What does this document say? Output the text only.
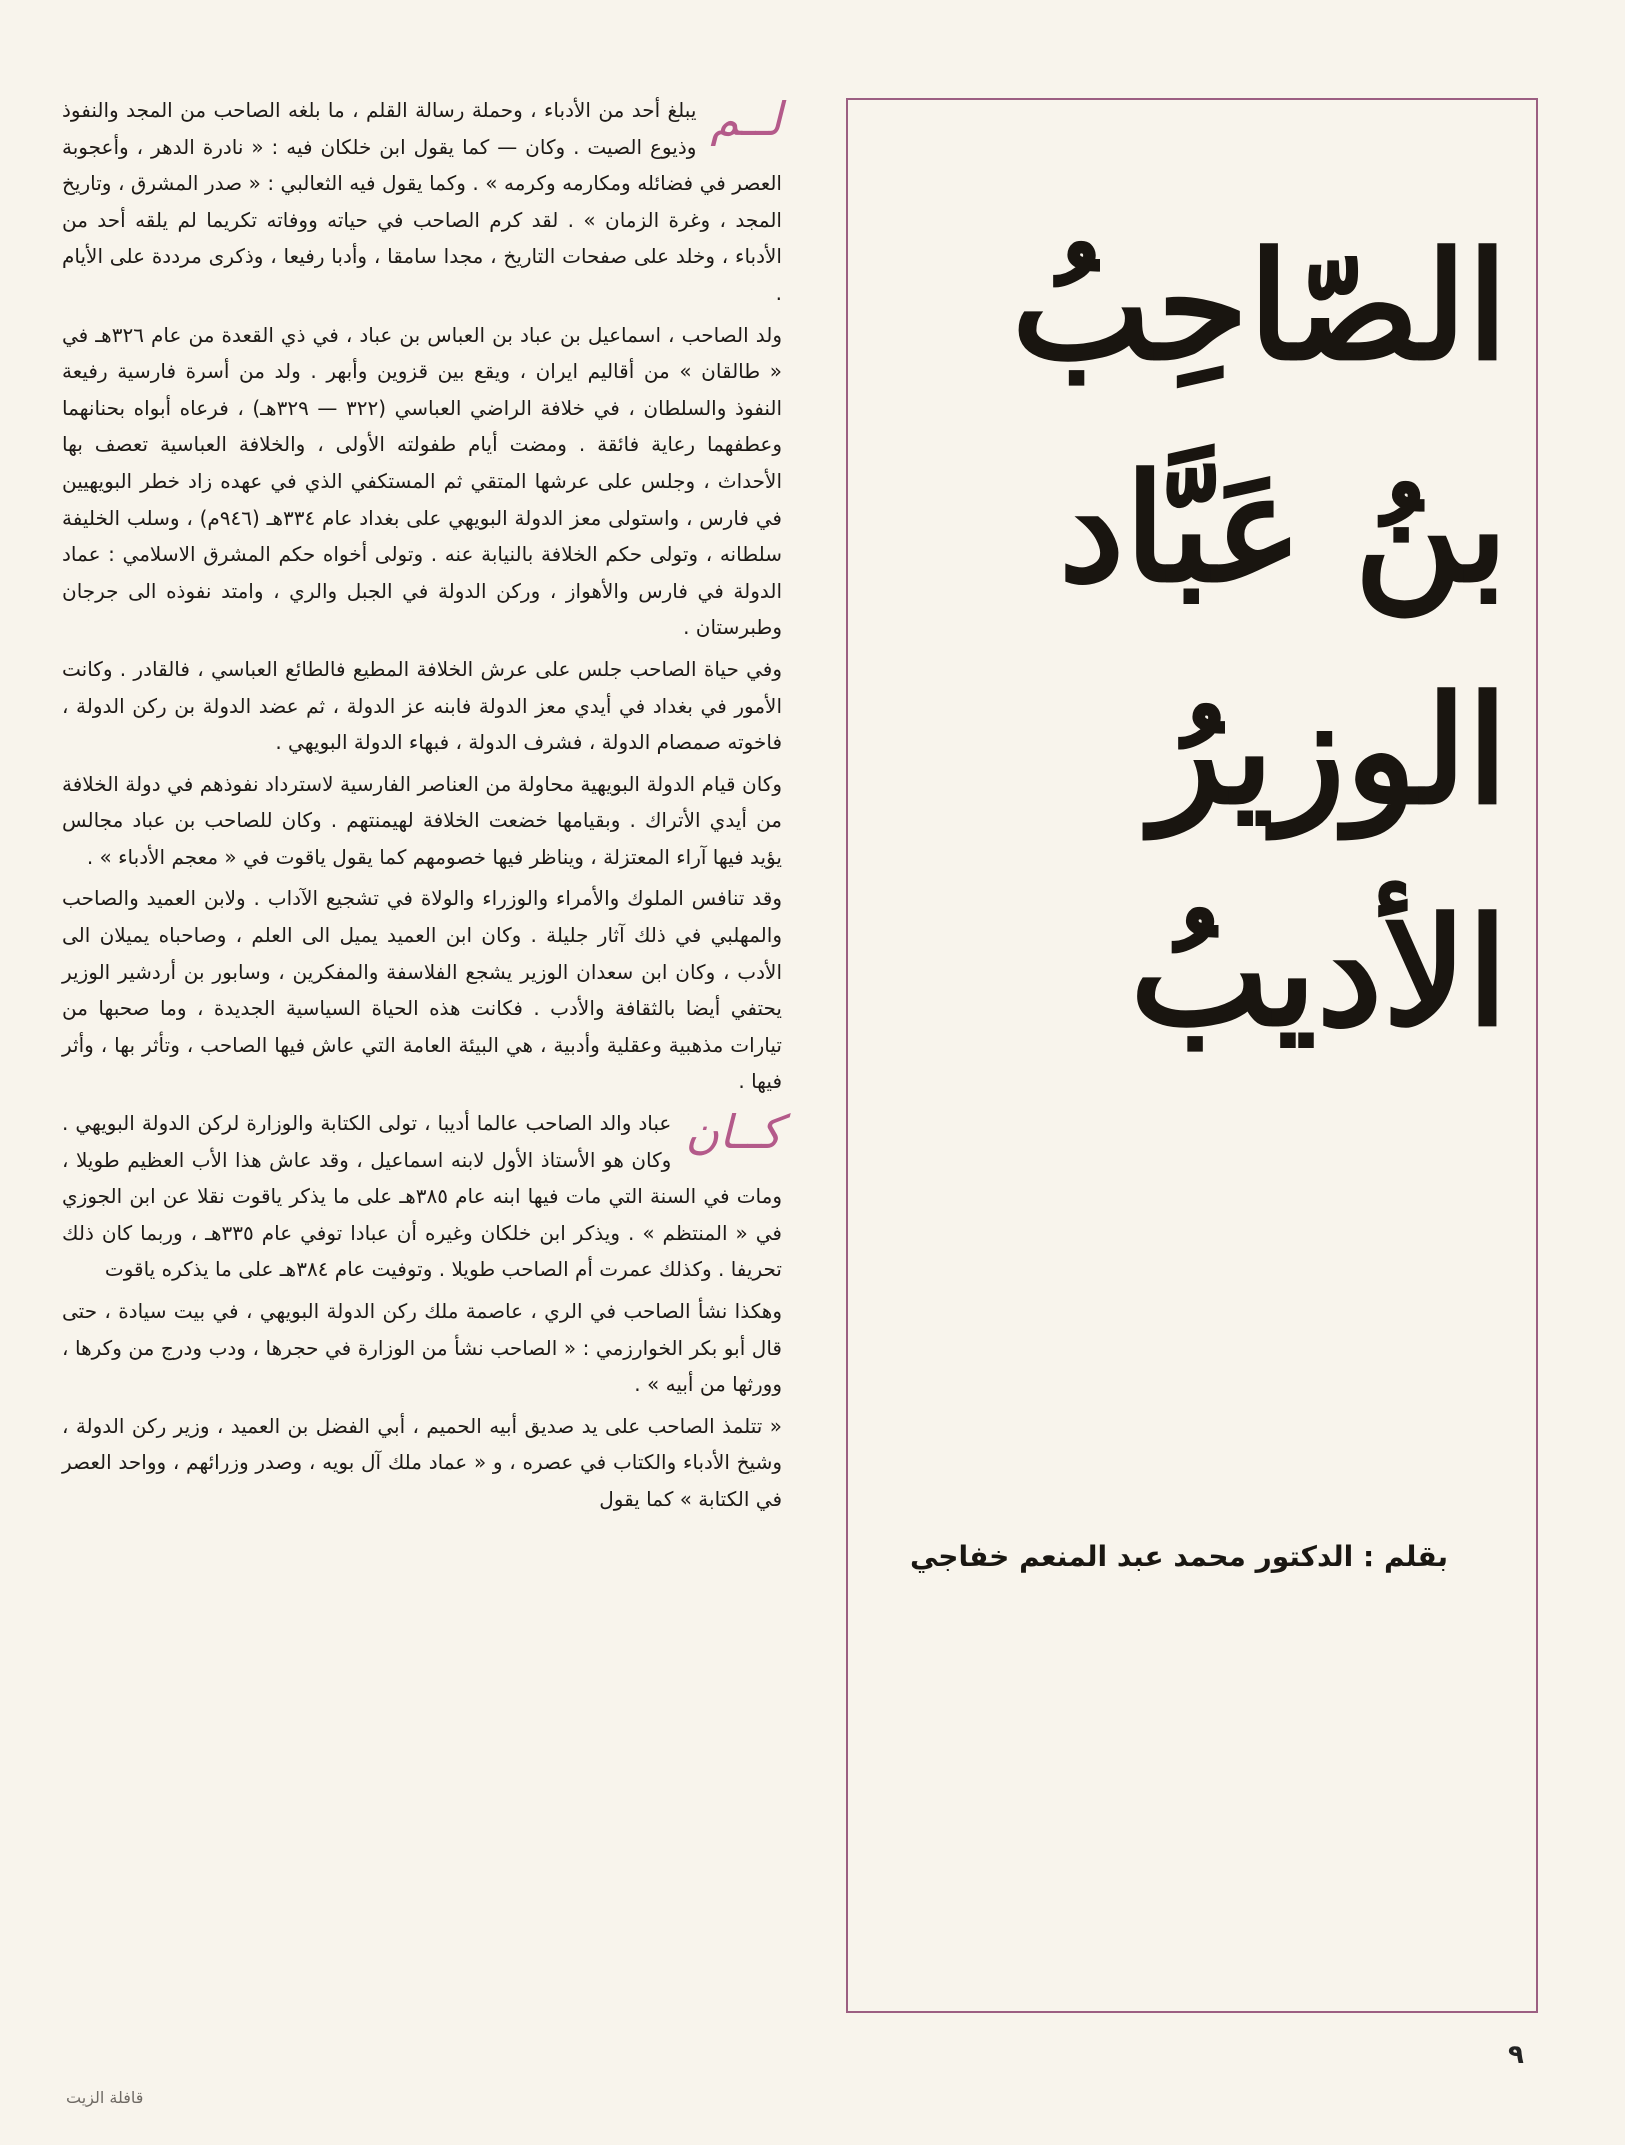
الصّاحِبُ
بنُ عَبَّاد
الوزيرُ
الأديبُ
بقلم : الدكتور محمد عبد المنعم خفاجي

لــم
يبلغ أحد من الأدباء ، وحملة رسالة القلم ، ما بلغه الصاحب من المجد والنفوذ وذيوع الصيت . وكان — كما يقول ابن خلكان فيه : « نادرة الدهر ، وأعجوبة العصر في فضائله ومكارمه وكرمه » . وكما يقول فيه الثعالبي : « صدر المشرق ، وتاريخ المجد ، وغرة الزمان » . لقد كرم الصاحب في حياته ووفاته تكريما لم يلقه أحد من الأدباء ، وخلد على صفحات التاريخ ، مجدا سامقا ، وأدبا رفيعا ، وذكرى مرددة على الأيام .

ولد الصاحب ، اسماعيل بن عباد بن العباس بن عباد ، في ذي القعدة من عام ٣٢٦هـ في « طالقان » من أقاليم ايران ، ويقع بين قزوين وأبهر . ولد من أسرة فارسية رفيعة النفوذ والسلطان ، في خلافة الراضي العباسي (٣٢٢ — ٣٢٩هـ) ، فرعاه أبواه بحنانهما وعطفهما رعاية فائقة . ومضت أيام طفولته الأولى ، والخلافة العباسية تعصف بها الأحداث ، وجلس على عرشها المتقي ثم المستكفي الذي في عهده زاد خطر البويهيين في فارس ، واستولى معز الدولة البويهي على بغداد عام ٣٣٤هـ (٩٤٦م) ، وسلب الخليفة سلطانه ، وتولى حكم الخلافة بالنيابة عنه . وتولى أخواه حكم المشرق الاسلامي : عماد الدولة في فارس والأهواز ، وركن الدولة في الجبل والري ، وامتد نفوذه الى جرجان وطبرستان .

وفي حياة الصاحب جلس على عرش الخلافة المطيع فالطائع العباسي ، فالقادر . وكانت الأمور في بغداد في أيدي معز الدولة فابنه عز الدولة ، ثم عضد الدولة بن ركن الدولة ، فاخوته صمصام الدولة ، فشرف الدولة ، فبهاء الدولة البويهي .

وكان قيام الدولة البويهية محاولة من العناصر الفارسية لاسترداد نفوذهم في دولة الخلافة من أيدي الأتراك . وبقيامها خضعت الخلافة لهيمنتهم . وكان للصاحب بن عباد مجالس يؤيد فيها آراء المعتزلة ، ويناظر فيها خصومهم كما يقول ياقوت في « معجم الأدباء » .

وقد تنافس الملوك والأمراء والوزراء والولاة في تشجيع الآداب . ولابن العميد والصاحب والمهلبي في ذلك آثار جليلة . وكان ابن العميد يميل الى العلم ، وصاحباه يميلان الى الأدب ، وكان ابن سعدان الوزير يشجع الفلاسفة والمفكرين ، وسابور بن أردشير الوزير يحتفي أيضا بالثقافة والأدب . فكانت هذه الحياة السياسية الجديدة ، وما صحبها من تيارات مذهبية وعقلية وأدبية ، هي البيئة العامة التي عاش فيها الصاحب ، وتأثر بها ، وأثر فيها .

كــان
عباد والد الصاحب عالما أديبا ، تولى الكتابة والوزارة لركن الدولة البويهي . وكان هو الأستاذ الأول لابنه اسماعيل ، وقد عاش هذا الأب العظيم طويلا ، ومات في السنة التي مات فيها ابنه عام ٣٨٥هـ على ما يذكر ياقوت نقلا عن ابن الجوزي في « المنتظم » . ويذكر ابن خلكان وغيره أن عبادا توفي عام ٣٣٥هـ ، وربما كان ذلك تحريفا . وكذلك عمرت أم الصاحب طويلا . وتوفيت عام ٣٨٤هـ على ما يذكره ياقوت

وهكذا نشأ الصاحب في الري ، عاصمة ملك ركن الدولة البويهي ، في بيت سيادة ، حتى قال أبو بكر الخوارزمي : « الصاحب نشأ من الوزارة في حجرها ، ودب ودرج من وكرها ، وورثها من أبيه » .

« تتلمذ الصاحب على يد صديق أبيه الحميم ، أبي الفضل بن العميد ، وزير ركن الدولة ، وشيخ الأدباء والكتاب في عصره ، و « عماد ملك آل بويه ، وصدر وزرائهم ، وواحد العصر في الكتابة » كما يقول

٩
قافلة الزيت
